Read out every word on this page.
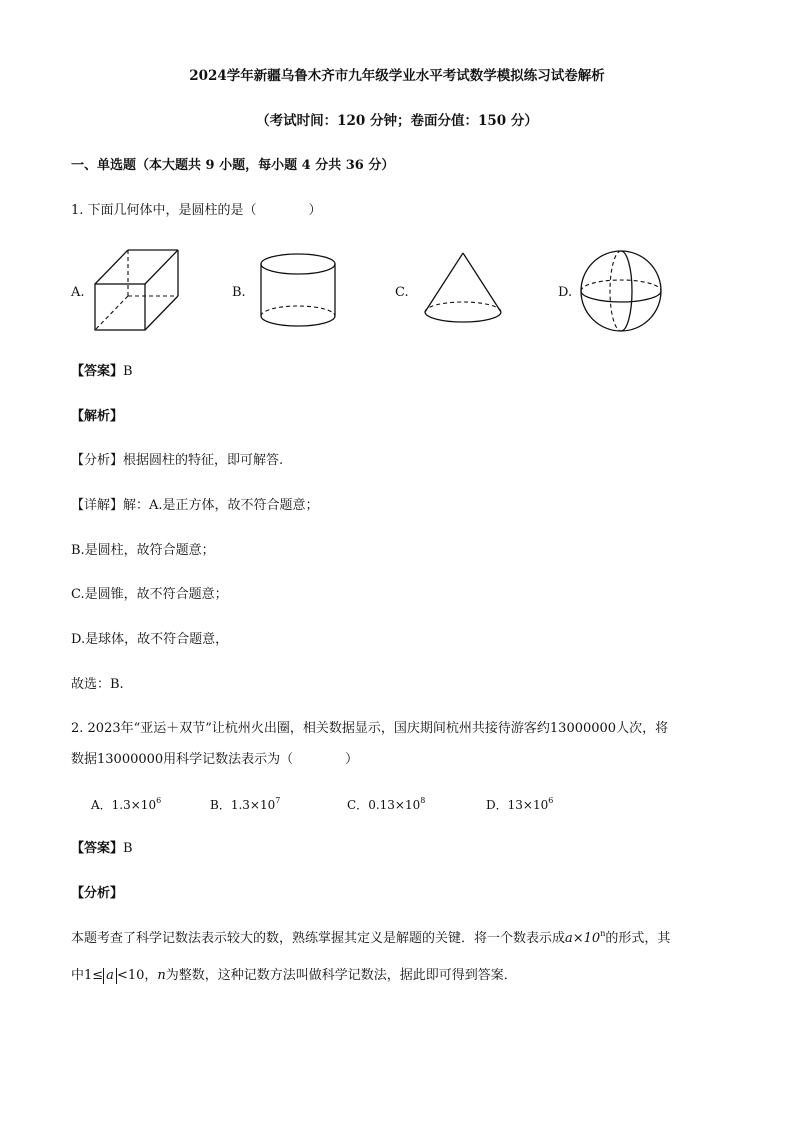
2024学年新疆乌鲁木齐市九年级学业水平考试数学模拟练习试卷解析
（考试时间：120 分钟；卷面分值：150 分）
一、单选题（本大题共 9 小题，每小题 4 分共 36 分）
1. 下面几何体中，是圆柱的是（　　　　）
A.	B.	C.	D.
【答案】B
【解析】
【分析】根据圆柱的特征，即可解答.
【详解】解：A.是正方体，故不符合题意；
B.是圆柱，故符合题意；
C.是圆锥，故不符合题意；
D.是球体，故不符合题意，
故选：B.
2. 2023年“亚运＋双节”让杭州火出圈，相关数据显示，国庆期间杭州共接待游客约13000000人次，将
数据13000000用科学记数法表示为（　　　　）
A．$1.3\times 10^6$	B．$1.3\times 10^7$	C．$0.13\times 10^8$	D．$13\times 10^6$
【答案】B
【分析】
本题考查了科学记数法表示较大的数，熟练掌握其定义是解题的关键．将一个数表示成$a\times 10^n$的形式，其
中1≤ a <10，n为整数，这种记数方法叫做科学记数法，据此即可得到答案．
